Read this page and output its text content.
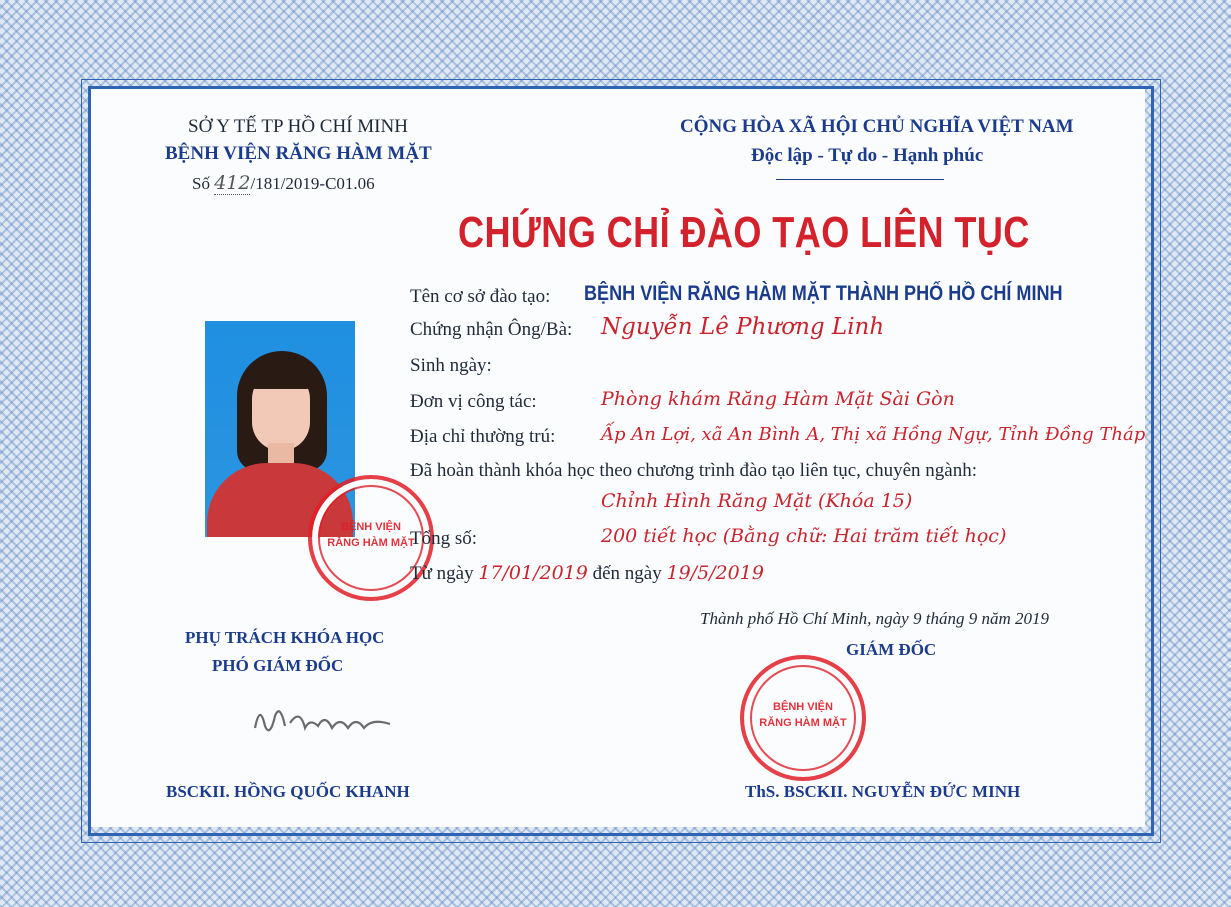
SỞ Y TẾ TP HỒ CHÍ MINH
BỆNH VIỆN RĂNG HÀM MẶT
Số 412/181/2019-C01.06
CỘNG HÒA XÃ HỘI CHỦ NGHĨA VIỆT NAM
Độc lập - Tự do - Hạnh phúc
CHỨNG CHỈ ĐÀO TẠO LIÊN TỤC
BỆNH VIỆN
RĂNG HÀM MẶT
Tên cơ sở đào tạo: BỆNH VIỆN RĂNG HÀM MẶT THÀNH PHỐ HỒ CHÍ MINH
Chứng nhận Ông/Bà: Nguyễn Lê Phương Linh
Sinh ngày:
Đơn vị công tác:	Phòng khám Răng Hàm Mặt Sài Gòn
Địa chỉ thường trú:	Ấp An Lợi, xã An Bình A, Thị xã Hồng Ngự, Tỉnh Đồng Tháp
Đã hoàn thành khóa học theo chương trình đào tạo liên tục, chuyên ngành:
Chỉnh Hình Răng Mặt (Khóa 15)
Tổng số:	200 tiết học (Bằng chữ: Hai trăm tiết học)
Từ ngày 17/01/2019 đến ngày 19/5/2019
Thành phố Hồ Chí Minh, ngày 9 tháng 9 năm 2019
PHỤ TRÁCH KHÓA HỌC
PHÓ GIÁM ĐỐC
BSCKII. HỒNG QUỐC KHANH
GIÁM ĐỐC
BỆNH VIỆN
RĂNG HÀM MẶT
ThS. BSCKII. NGUYỄN ĐỨC MINH
